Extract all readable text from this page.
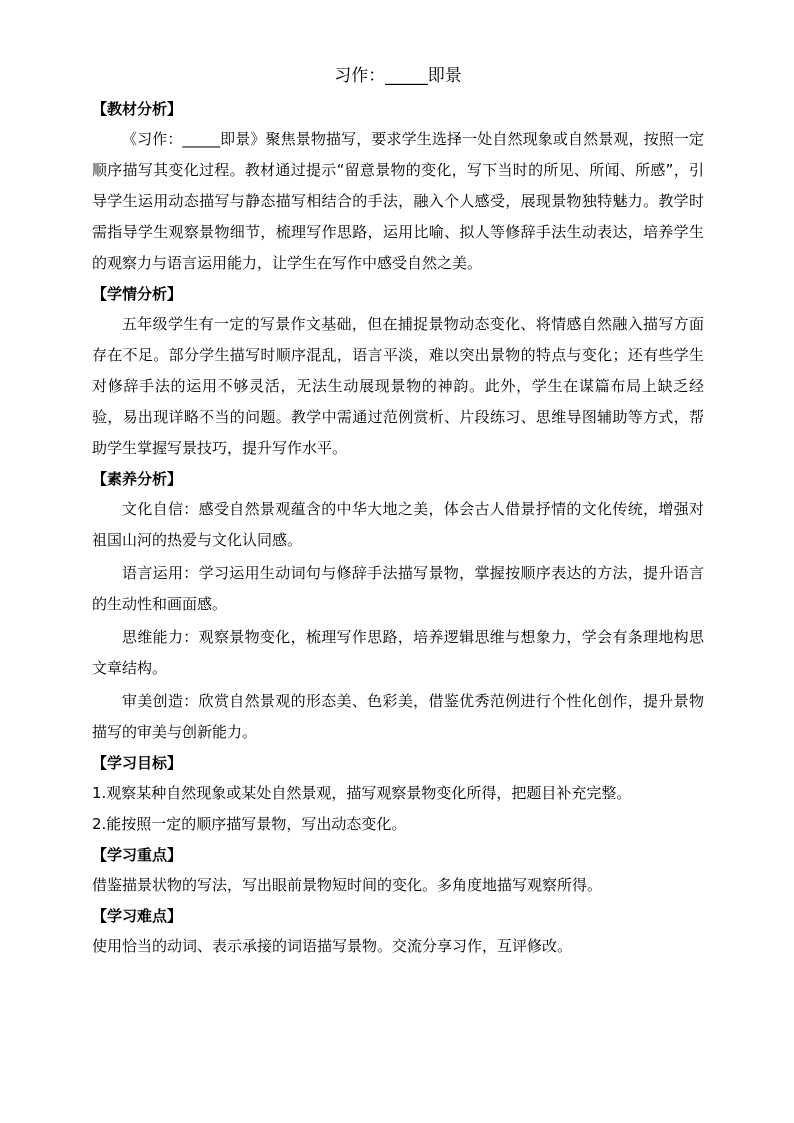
习作：_____即景
【教材分析】

《习作：_____即景》聚焦景物描写，要求学生选择一处自然现象或自然景观，按照一定顺序描写其变化过程。教材通过提示“留意景物的变化，写下当时的所见、所闻、所感”，引导学生运用动态描写与静态描写相结合的手法，融入个人感受，展现景物独特魅力。教学时需指导学生观察景物细节，梳理写作思路，运用比喻、拟人等修辞手法生动表达，培养学生的观察力与语言运用能力，让学生在写作中感受自然之美。

【学情分析】

五年级学生有一定的写景作文基础，但在捕捉景物动态变化、将情感自然融入描写方面存在不足。部分学生描写时顺序混乱，语言平淡，难以突出景物的特点与变化；还有些学生对修辞手法的运用不够灵活，无法生动展现景物的神韵。此外，学生在谋篇布局上缺乏经验，易出现详略不当的问题。教学中需通过范例赏析、片段练习、思维导图辅助等方式，帮助学生掌握写景技巧，提升写作水平。

【素养分析】

文化自信：感受自然景观蕴含的中华大地之美，体会古人借景抒情的文化传统，增强对祖国山河的热爱与文化认同感。

语言运用：学习运用生动词句与修辞手法描写景物，掌握按顺序表达的方法，提升语言的生动性和画面感。

思维能力：观察景物变化，梳理写作思路，培养逻辑思维与想象力，学会有条理地构思文章结构。

审美创造：欣赏自然景观的形态美、色彩美，借鉴优秀范例进行个性化创作，提升景物描写的审美与创新能力。

【学习目标】

1.观察某种自然现象或某处自然景观，描写观察景物变化所得，把题目补充完整。

2.能按照一定的顺序描写景物，写出动态变化。

【学习重点】

借鉴描景状物的写法，写出眼前景物短时间的变化。多角度地描写观察所得。

【学习难点】

使用恰当的动词、表示承接的词语描写景物。交流分享习作，互评修改。
